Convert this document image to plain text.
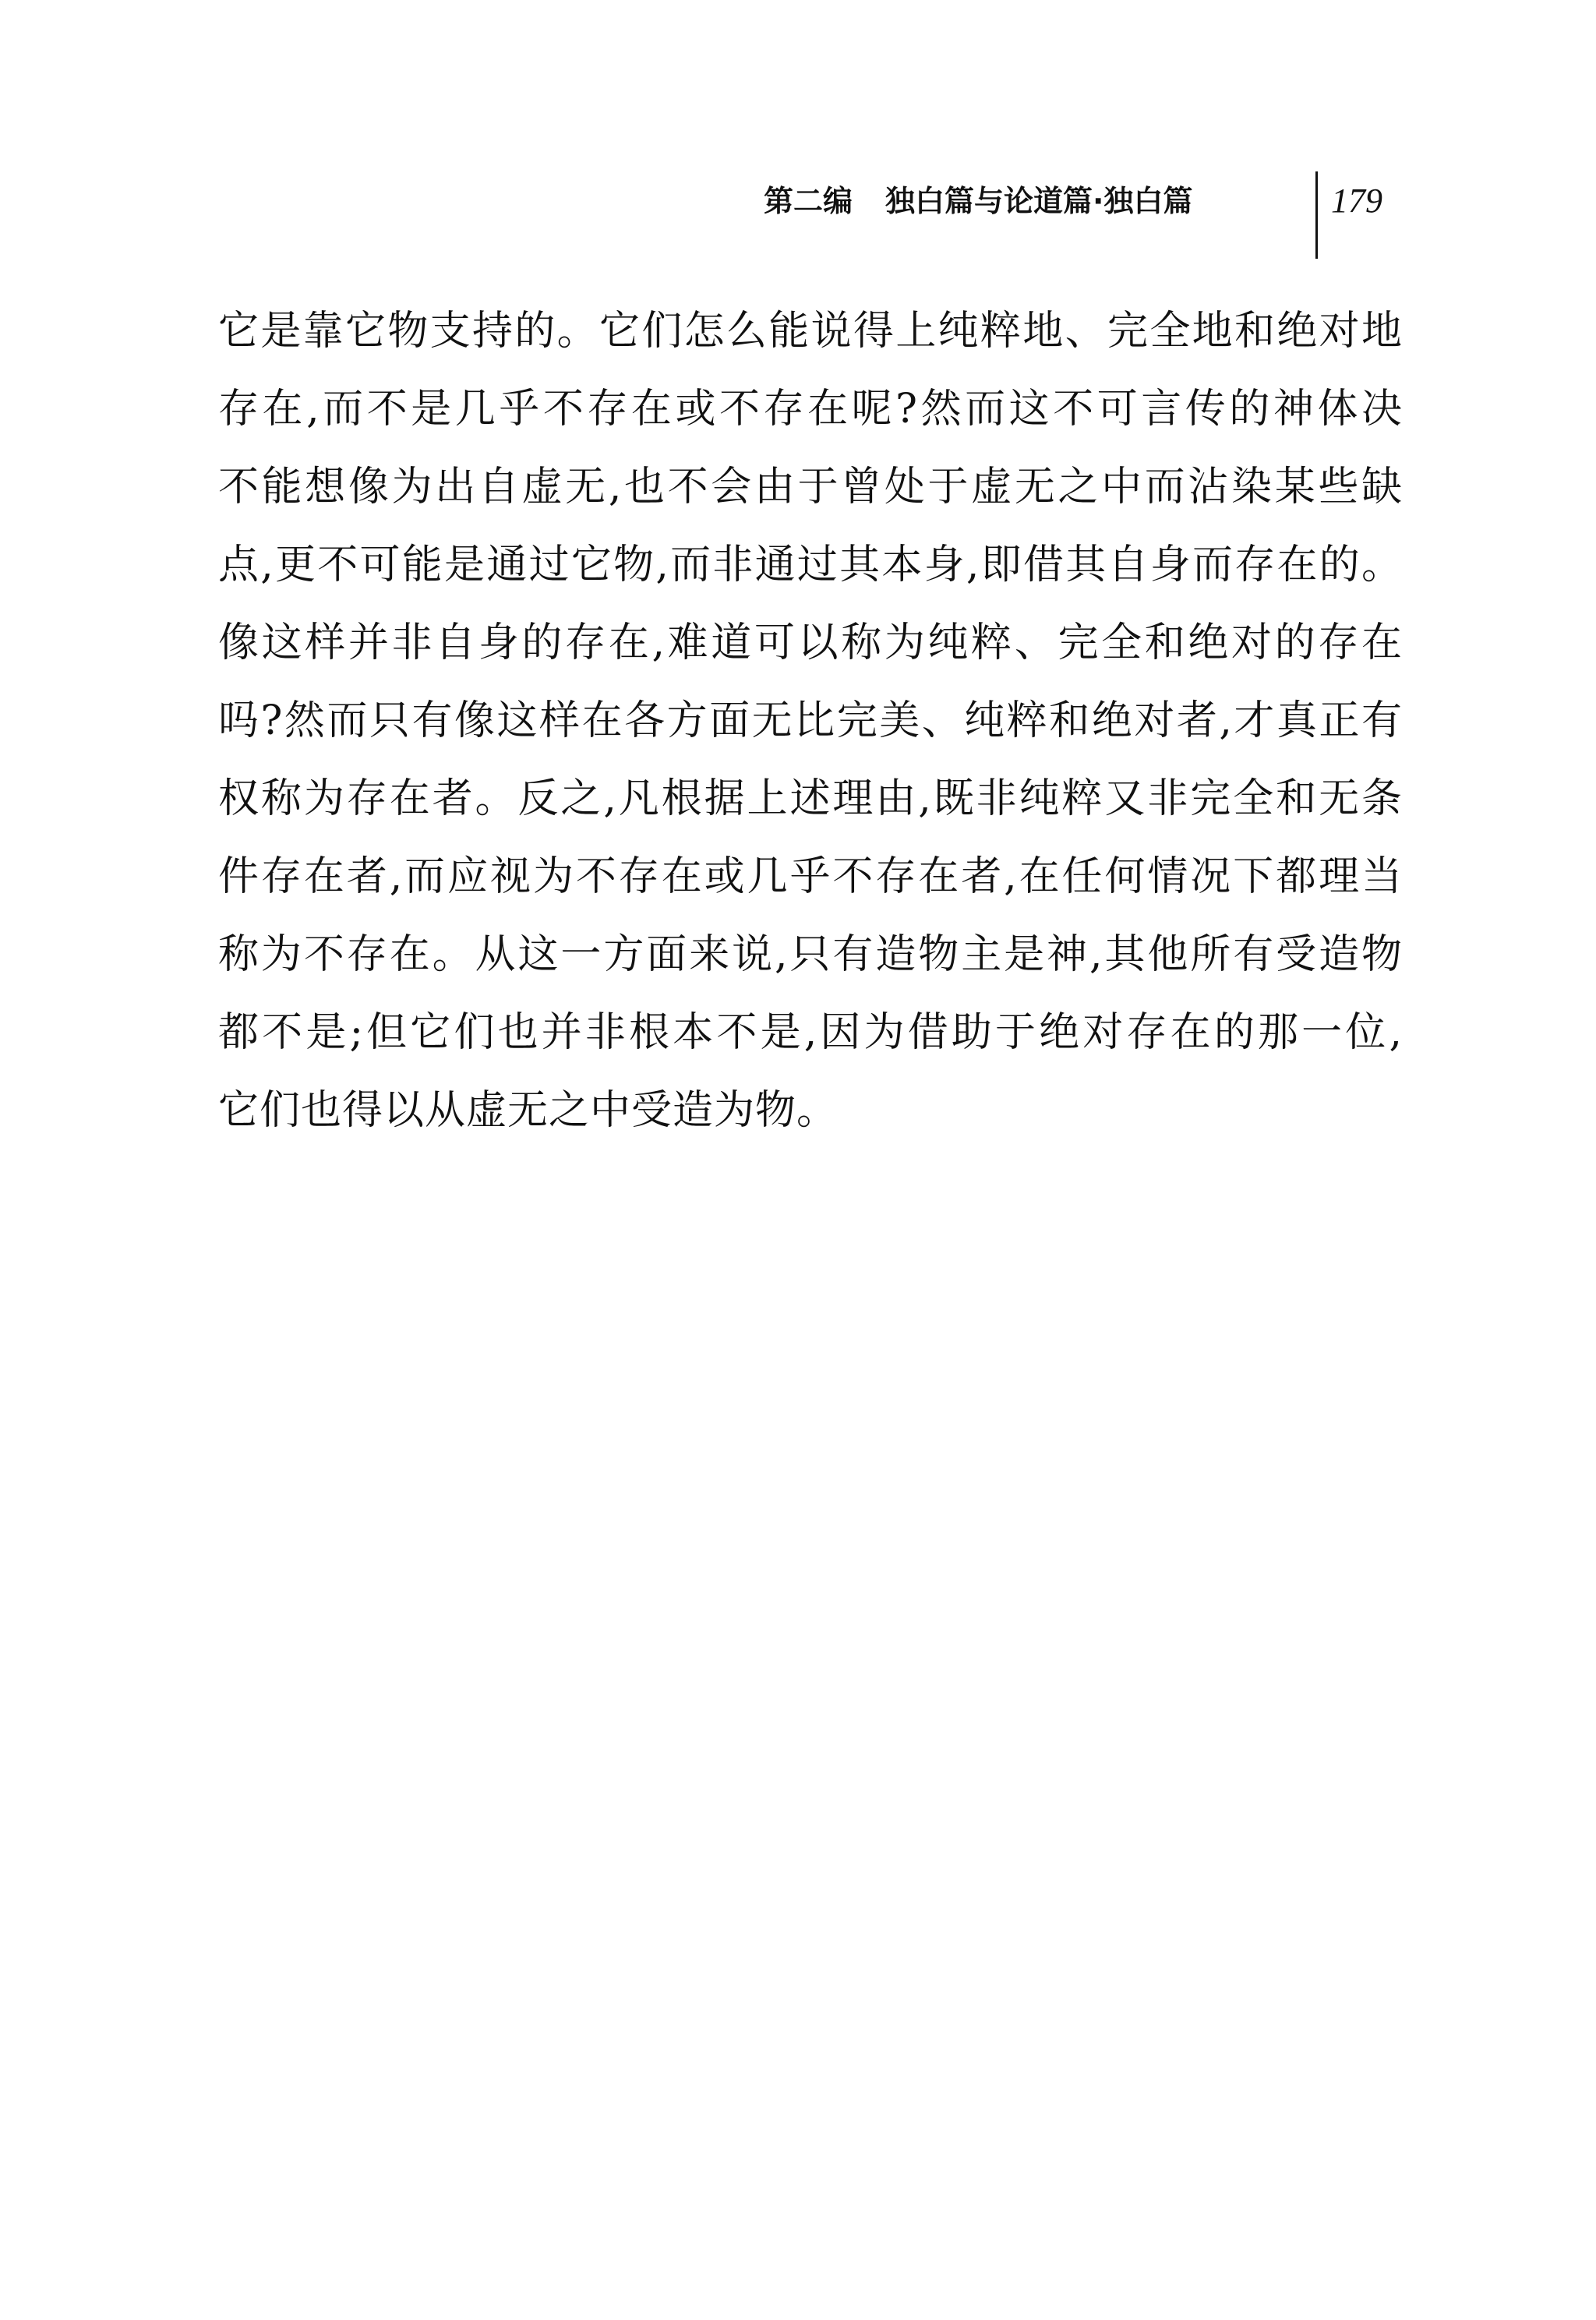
第二编 独白篇与论道篇·独白篇	179
它是靠它物支持的。它们怎么能说得上纯粹地、完全地和绝对地
存在,而不是几乎不存在或不存在呢?然而这不可言传的神体决
不能想像为出自虚无,也不会由于曾处于虚无之中而沾染某些缺
点,更不可能是通过它物,而非通过其本身,即借其自身而存在的。
像这样并非自身的存在,难道可以称为纯粹、完全和绝对的存在
吗?然而只有像这样在各方面无比完美、纯粹和绝对者,才真正有
权称为存在者。反之,凡根据上述理由,既非纯粹又非完全和无条
件存在者,而应视为不存在或几乎不存在者,在任何情况下都理当
称为不存在。从这一方面来说,只有造物主是神,其他所有受造物
都不是;但它们也并非根本不是,因为借助于绝对存在的那一位,
它们也得以从虚无之中受造为物。
